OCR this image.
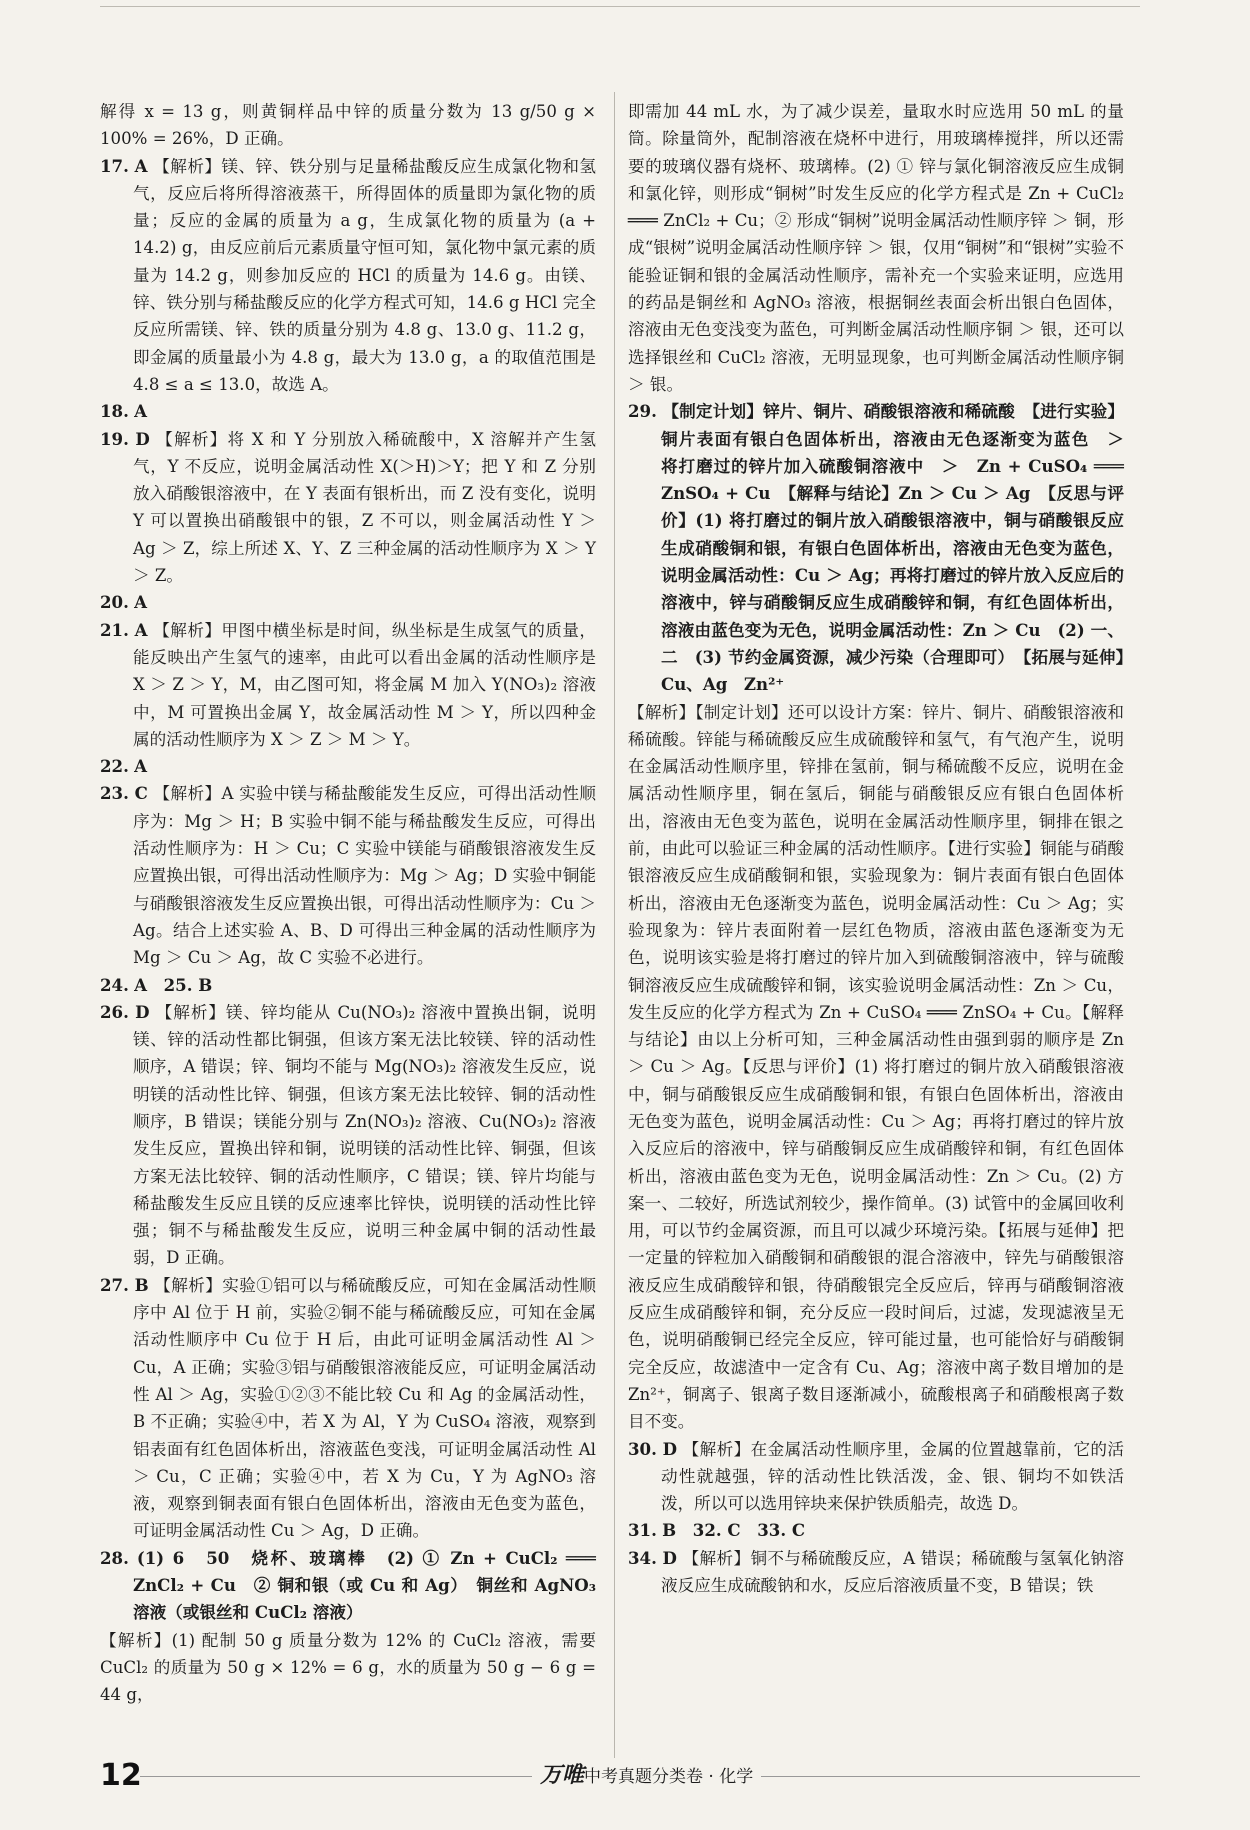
解得 x = 13 g，则黄铜样品中锌的质量分数为 13 g/50 g × 100% = 26%，D 正确。

17. A 【解析】镁、锌、铁分别与足量稀盐酸反应生成氯化物和氢气，反应后将所得溶液蒸干，所得固体的质量即为氯化物的质量；反应的金属的质量为 a g，生成氯化物的质量为 (a + 14.2) g，由反应前后元素质量守恒可知，氯化物中氯元素的质量为 14.2 g，则参加反应的 HCl 的质量为 14.6 g。由镁、锌、铁分别与稀盐酸反应的化学方程式可知，14.6 g HCl 完全反应所需镁、锌、铁的质量分别为 4.8 g、13.0 g、11.2 g，即金属的质量最小为 4.8 g，最大为 13.0 g，a 的取值范围是 4.8 ≤ a ≤ 13.0，故选 A。

18. A

19. D 【解析】将 X 和 Y 分别放入稀硫酸中，X 溶解并产生氢气，Y 不反应，说明金属活动性 X(＞H)＞Y；把 Y 和 Z 分别放入硝酸银溶液中，在 Y 表面有银析出，而 Z 没有变化，说明 Y 可以置换出硝酸银中的银，Z 不可以，则金属活动性 Y ＞ Ag ＞ Z，综上所述 X、Y、Z 三种金属的活动性顺序为 X ＞ Y ＞ Z。

20. A

21. A 【解析】甲图中横坐标是时间，纵坐标是生成氢气的质量，能反映出产生氢气的速率，由此可以看出金属的活动性顺序是 X ＞ Z ＞ Y，M，由乙图可知，将金属 M 加入 Y(NO₃)₂ 溶液中，M 可置换出金属 Y，故金属活动性 M ＞ Y，所以四种金属的活动性顺序为 X ＞ Z ＞ M ＞ Y。

22. A

23. C 【解析】A 实验中镁与稀盐酸能发生反应，可得出活动性顺序为：Mg ＞ H；B 实验中铜不能与稀盐酸发生反应，可得出活动性顺序为：H ＞ Cu；C 实验中镁能与硝酸银溶液发生反应置换出银，可得出活动性顺序为：Mg ＞ Ag；D 实验中铜能与硝酸银溶液发生反应置换出银，可得出活动性顺序为：Cu ＞ Ag。结合上述实验 A、B、D 可得出三种金属的活动性顺序为 Mg ＞ Cu ＞ Ag，故 C 实验不必进行。

24. A　25. B

26. D 【解析】镁、锌均能从 Cu(NO₃)₂ 溶液中置换出铜，说明镁、锌的活动性都比铜强，但该方案无法比较镁、锌的活动性顺序，A 错误；锌、铜均不能与 Mg(NO₃)₂ 溶液发生反应，说明镁的活动性比锌、铜强，但该方案无法比较锌、铜的活动性顺序，B 错误；镁能分别与 Zn(NO₃)₂ 溶液、Cu(NO₃)₂ 溶液发生反应，置换出锌和铜，说明镁的活动性比锌、铜强，但该方案无法比较锌、铜的活动性顺序，C 错误；镁、锌片均能与稀盐酸发生反应且镁的反应速率比锌快，说明镁的活动性比锌强；铜不与稀盐酸发生反应，说明三种金属中铜的活动性最弱，D 正确。

27. B 【解析】实验①铝可以与稀硫酸反应，可知在金属活动性顺序中 Al 位于 H 前，实验②铜不能与稀硫酸反应，可知在金属活动性顺序中 Cu 位于 H 后，由此可证明金属活动性 Al ＞ Cu，A 正确；实验③铝与硝酸银溶液能反应，可证明金属活动性 Al ＞ Ag，实验①②③不能比较 Cu 和 Ag 的金属活动性，B 不正确；实验④中，若 X 为 Al，Y 为 CuSO₄ 溶液，观察到铝表面有红色固体析出，溶液蓝色变浅，可证明金属活动性 Al ＞ Cu，C 正确；实验④中，若 X 为 Cu，Y 为 AgNO₃ 溶液，观察到铜表面有银白色固体析出，溶液由无色变为蓝色，可证明金属活动性 Cu ＞ Ag，D 正确。

28. (1) 6　50　烧杯、玻璃棒　(2) ① Zn + CuCl₂ ═══ ZnCl₂ + Cu　② 铜和银（或 Cu 和 Ag）　铜丝和 AgNO₃ 溶液（或银丝和 CuCl₂ 溶液）

【解析】(1) 配制 50 g 质量分数为 12% 的 CuCl₂ 溶液，需要 CuCl₂ 的质量为 50 g × 12% = 6 g，水的质量为 50 g − 6 g = 44 g，

即需加 44 mL 水，为了减少误差，量取水时应选用 50 mL 的量筒。除量筒外，配制溶液在烧杯中进行，用玻璃棒搅拌，所以还需要的玻璃仪器有烧杯、玻璃棒。(2) ① 锌与氯化铜溶液反应生成铜和氯化锌，则形成“铜树”时发生反应的化学方程式是 Zn + CuCl₂ ═══ ZnCl₂ + Cu；② 形成“铜树”说明金属活动性顺序锌 ＞ 铜，形成“银树”说明金属活动性顺序锌 ＞ 银，仅用“铜树”和“银树”实验不能验证铜和银的金属活动性顺序，需补充一个实验来证明，应选用的药品是铜丝和 AgNO₃ 溶液，根据铜丝表面会析出银白色固体，溶液由无色变浅变为蓝色，可判断金属活动性顺序铜 ＞ 银，还可以选择银丝和 CuCl₂ 溶液，无明显现象，也可判断金属活动性顺序铜 ＞ 银。

29. 【制定计划】锌片、铜片、硝酸银溶液和稀硫酸　【进行实验】铜片表面有银白色固体析出，溶液由无色逐渐变为蓝色　＞　将打磨过的锌片加入硫酸铜溶液中　＞　Zn + CuSO₄ ═══ ZnSO₄ + Cu　【解释与结论】Zn ＞ Cu ＞ Ag　【反思与评价】(1) 将打磨过的铜片放入硝酸银溶液中，铜与硝酸银反应生成硝酸铜和银，有银白色固体析出，溶液由无色变为蓝色，说明金属活动性：Cu ＞ Ag；再将打磨过的锌片放入反应后的溶液中，锌与硝酸铜反应生成硝酸锌和铜，有红色固体析出，溶液由蓝色变为无色，说明金属活动性：Zn ＞ Cu　(2) 一、二　(3) 节约金属资源，减少污染（合理即可）　【拓展与延伸】Cu、Ag　Zn²⁺

【解析】【制定计划】还可以设计方案：锌片、铜片、硝酸银溶液和稀硫酸。锌能与稀硫酸反应生成硫酸锌和氢气，有气泡产生，说明在金属活动性顺序里，锌排在氢前，铜与稀硫酸不反应，说明在金属活动性顺序里，铜在氢后，铜能与硝酸银反应有银白色固体析出，溶液由无色变为蓝色，说明在金属活动性顺序里，铜排在银之前，由此可以验证三种金属的活动性顺序。【进行实验】铜能与硝酸银溶液反应生成硝酸铜和银，实验现象为：铜片表面有银白色固体析出，溶液由无色逐渐变为蓝色，说明金属活动性：Cu ＞ Ag；实验现象为：锌片表面附着一层红色物质，溶液由蓝色逐渐变为无色，说明该实验是将打磨过的锌片加入到硫酸铜溶液中，锌与硫酸铜溶液反应生成硫酸锌和铜，该实验说明金属活动性：Zn ＞ Cu，发生反应的化学方程式为 Zn + CuSO₄ ═══ ZnSO₄ + Cu。【解释与结论】由以上分析可知，三种金属活动性由强到弱的顺序是 Zn ＞ Cu ＞ Ag。【反思与评价】(1) 将打磨过的铜片放入硝酸银溶液中，铜与硝酸银反应生成硝酸铜和银，有银白色固体析出，溶液由无色变为蓝色，说明金属活动性：Cu ＞ Ag；再将打磨过的锌片放入反应后的溶液中，锌与硝酸铜反应生成硝酸锌和铜，有红色固体析出，溶液由蓝色变为无色，说明金属活动性：Zn ＞ Cu。(2) 方案一、二较好，所选试剂较少，操作简单。(3) 试管中的金属回收利用，可以节约金属资源，而且可以减少环境污染。【拓展与延伸】把一定量的锌粒加入硝酸铜和硝酸银的混合溶液中，锌先与硝酸银溶液反应生成硝酸锌和银，待硝酸银完全反应后，锌再与硝酸铜溶液反应生成硝酸锌和铜，充分反应一段时间后，过滤，发现滤液呈无色，说明硝酸铜已经完全反应，锌可能过量，也可能恰好与硝酸铜完全反应，故滤渣中一定含有 Cu、Ag；溶液中离子数目增加的是 Zn²⁺，铜离子、银离子数目逐渐减小，硫酸根离子和硝酸根离子数目不变。

30. D 【解析】在金属活动性顺序里，金属的位置越靠前，它的活动性就越强，锌的活动性比铁活泼，金、银、铜均不如铁活泼，所以可以选用锌块来保护铁质船壳，故选 D。

31. B　32. C　33. C

34. D 【解析】铜不与稀硫酸反应，A 错误；稀硫酸与氢氧化钠溶液反应生成硫酸钠和水，反应后溶液质量不变，B 错误；铁

12	万唯中考真题分类卷 · 化学
